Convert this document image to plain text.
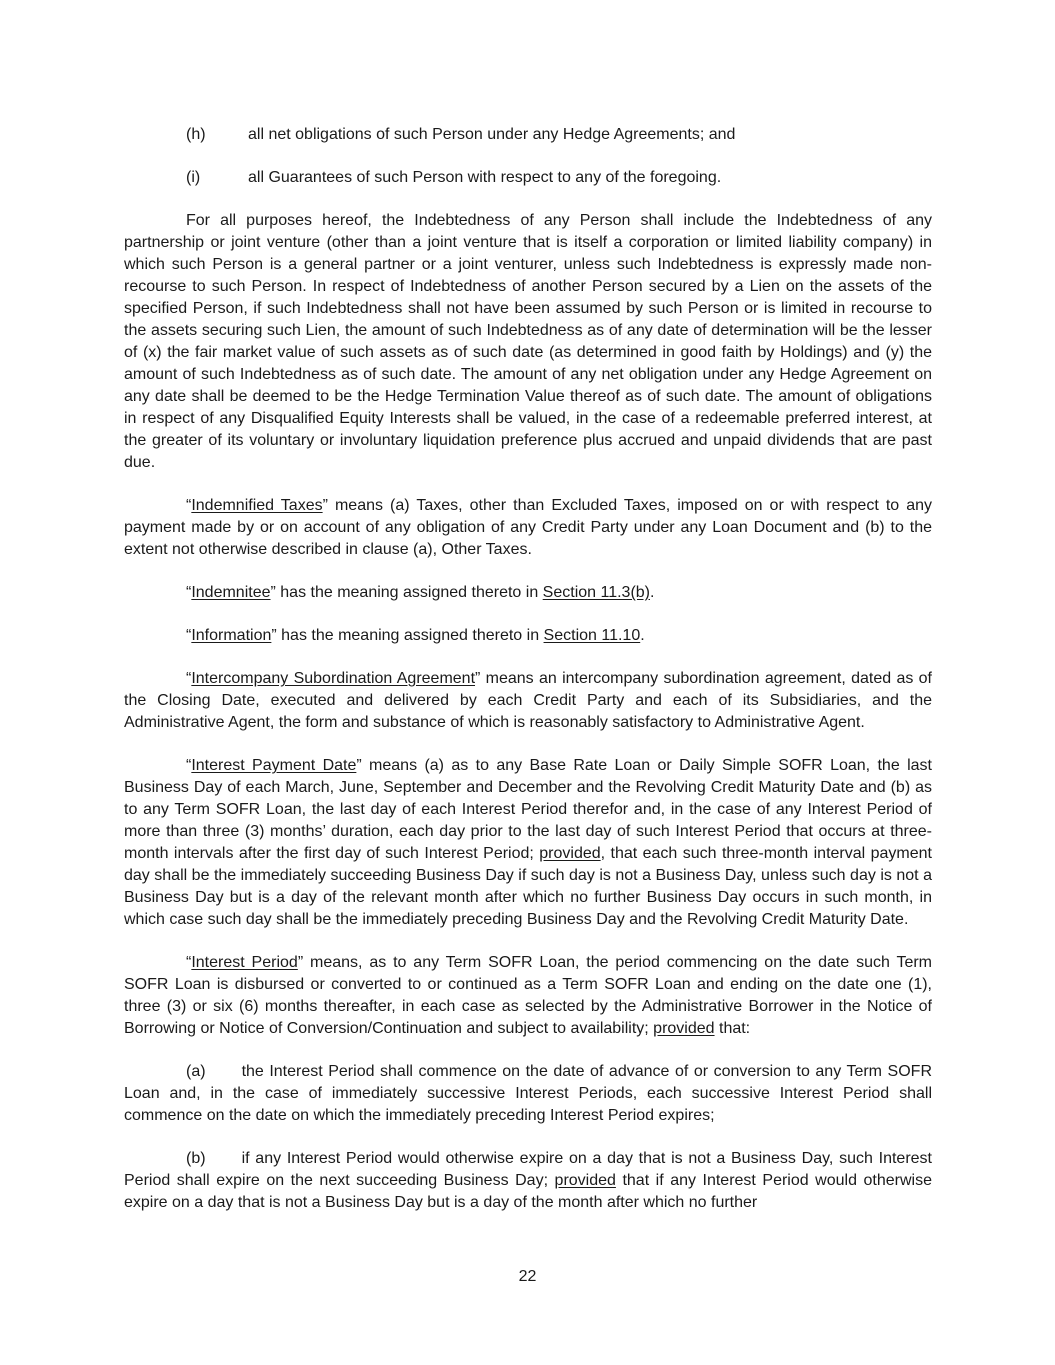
(h)	all net obligations of such Person under any Hedge Agreements; and
(i)	all Guarantees of such Person with respect to any of the foregoing.

For all purposes hereof, the Indebtedness of any Person shall include the Indebtedness of any partnership or joint venture (other than a joint venture that is itself a corporation or limited liability company) in which such Person is a general partner or a joint venturer, unless such Indebtedness is expressly made non-recourse to such Person. In respect of Indebtedness of another Person secured by a Lien on the assets of the specified Person, if such Indebtedness shall not have been assumed by such Person or is limited in recourse to the assets securing such Lien, the amount of such Indebtedness as of any date of determination will be the lesser of (x) the fair market value of such assets as of such date (as determined in good faith by Holdings) and (y) the amount of such Indebtedness as of such date. The amount of any net obligation under any Hedge Agreement on any date shall be deemed to be the Hedge Termination Value thereof as of such date. The amount of obligations in respect of any Disqualified Equity Interests shall be valued, in the case of a redeemable preferred interest, at the greater of its voluntary or involuntary liquidation preference plus accrued and unpaid dividends that are past due.

“Indemnified Taxes” means (a) Taxes, other than Excluded Taxes, imposed on or with respect to any payment made by or on account of any obligation of any Credit Party under any Loan Document and (b) to the extent not otherwise described in clause (a), Other Taxes.

“Indemnitee” has the meaning assigned thereto in Section 11.3(b).

“Information” has the meaning assigned thereto in Section 11.10.

“Intercompany Subordination Agreement” means an intercompany subordination agreement, dated as of the Closing Date, executed and delivered by each Credit Party and each of its Subsidiaries, and the Administrative Agent, the form and substance of which is reasonably satisfactory to Administrative Agent.

“Interest Payment Date” means (a) as to any Base Rate Loan or Daily Simple SOFR Loan, the last Business Day of each March, June, September and December and the Revolving Credit Maturity Date and (b) as to any Term SOFR Loan, the last day of each Interest Period therefor and, in the case of any Interest Period of more than three (3) months’ duration, each day prior to the last day of such Interest Period that occurs at three-month intervals after the first day of such Interest Period; provided, that each such three-month interval payment day shall be the immediately succeeding Business Day if such day is not a Business Day, unless such day is not a Business Day but is a day of the relevant month after which no further Business Day occurs in such month, in which case such day shall be the immediately preceding Business Day and the Revolving Credit Maturity Date.

“Interest Period” means, as to any Term SOFR Loan, the period commencing on the date such Term SOFR Loan is disbursed or converted to or continued as a Term SOFR Loan and ending on the date one (1), three (3) or six (6) months thereafter, in each case as selected by the Administrative Borrower in the Notice of Borrowing or Notice of Conversion/Continuation and subject to availability; provided that:

(a) the Interest Period shall commence on the date of advance of or conversion to any Term SOFR Loan and, in the case of immediately successive Interest Periods, each successive Interest Period shall commence on the date on which the immediately preceding Interest Period expires;

(b) if any Interest Period would otherwise expire on a day that is not a Business Day, such Interest Period shall expire on the next succeeding Business Day; provided that if any Interest Period would otherwise expire on a day that is not a Business Day but is a day of the month after which no further

22
